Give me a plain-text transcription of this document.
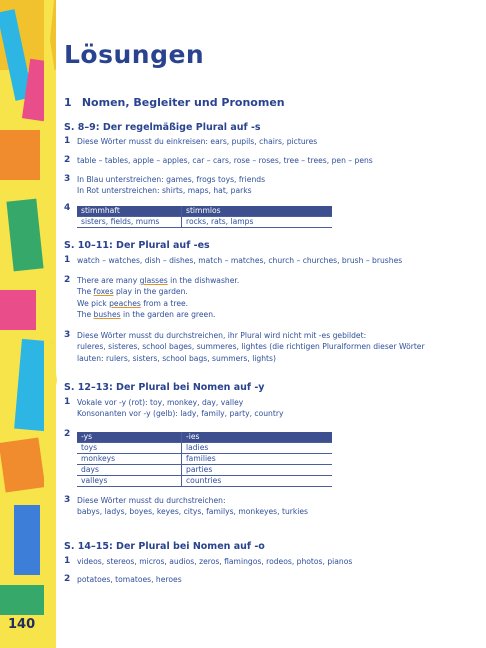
140
Lösungen
1 Nomen, Begleiter und Pronomen
S. 8–9: Der regelmäßige Plural auf -s
1 Diese Wörter musst du einkreisen: ears, pupils, chairs, pictures
2 table – tables, apple – apples, car – cars, rose – roses, tree – trees, pen – pens
3 In Blau unterstreichen: games, frogs toys, friends
In Rot unterstreichen: shirts, maps, hat, parks
4 stimmhaft	stimmlos
sisters, fields, mums	rocks, rats, lamps
S. 10–11: Der Plural auf -es
1 watch – watches, dish – dishes, match – matches, church – churches, brush – brushes
2 There are many glasses in the dishwasher.
The foxes play in the garden.
We pick peaches from a tree.
The bushes in the garden are green.
3 Diese Wörter musst du durchstreichen, ihr Plural wird nicht mit -es gebildet:
ruleres, sisteres, school bages, summeres, lightes (die richtigen Pluralformen dieser Wörter
lauten: rulers, sisters, school bags, summers, lights)
S. 12–13: Der Plural bei Nomen auf -y
1 Vokale vor -y (rot): toy, monkey, day, valley
Konsonanten vor -y (gelb): lady, family, party, country
2 -ys	-ies
toys	ladies
monkeys	families
days	parties
valleys	countries
3 Diese Wörter musst du durchstreichen:
babys, ladys, boyes, keyes, citys, familys, monkeyes, turkies
S. 14–15: Der Plural bei Nomen auf -o
1 videos, stereos, micros, audios, zeros, flamingos, rodeos, photos, pianos
2 potatoes, tomatoes, heroes
